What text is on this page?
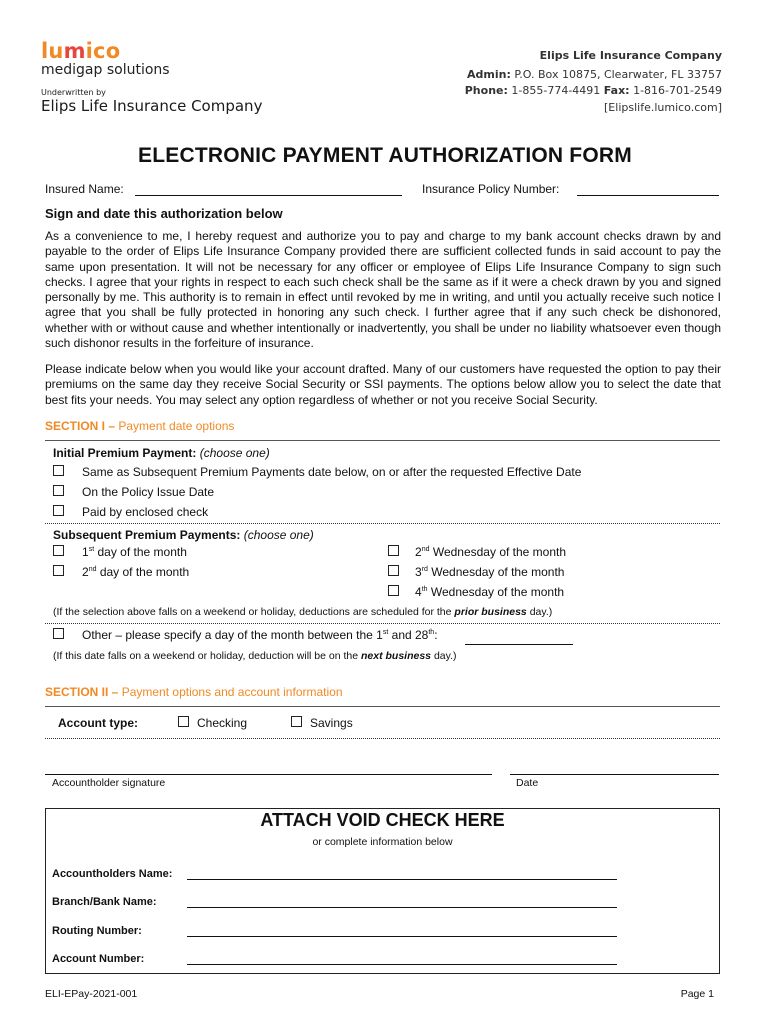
lumico
medigap solutions
Underwritten by
Elips Life Insurance Company
Elips Life Insurance Company
Admin: P.O. Box 10875, Clearwater, FL 33757
Phone: 1-855-774-4491 Fax: 1-816-701-2549
[Elipslife.lumico.com]
ELECTRONIC PAYMENT AUTHORIZATION FORM
Insured Name:	Insurance Policy Number:
Sign and date this authorization below
As a convenience to me, I hereby request and authorize you to pay and charge to my bank account checks drawn by and payable to the order of Elips Life Insurance Company provided there are sufficient collected funds in said account to pay the same upon presentation. It will not be necessary for any officer or employee of Elips Life Insurance Company to sign such checks. I agree that your rights in respect to each such check shall be the same as if it were a check drawn by you and signed personally by me. This authority is to remain in effect until revoked by me in writing, and until you actually receive such notice I agree that you shall be fully protected in honoring any such check. I further agree that if any such check be dishonored, whether with or without cause and whether intentionally or inadvertently, you shall be under no liability whatsoever even though such dishonor results in the forfeiture of insurance.
Please indicate below when you would like your account drafted. Many of our customers have requested the option to pay their premiums on the same day they receive Social Security or SSI payments. The options below allow you to select the date that best fits your needs. You may select any option regardless of whether or not you receive Social Security.
SECTION I – Payment date options
Initial Premium Payment: (choose one)
Same as Subsequent Premium Payments date below, on or after the requested Effective Date
On the Policy Issue Date
Paid by enclosed check
Subsequent Premium Payments: (choose one)
1st day of the month
2nd day of the month
2nd Wednesday of the month
3rd Wednesday of the month
4th Wednesday of the month
(If the selection above falls on a weekend or holiday, deductions are scheduled for the prior business day.)
Other – please specify a day of the month between the 1st and 28th:
(If this date falls on a weekend or holiday, deduction will be on the next business day.)
SECTION II – Payment options and account information
Account type:	Checking	Savings
Accountholder signature	Date
ATTACH VOID CHECK HERE
or complete information below
Accountholders Name:
Branch/Bank Name:
Routing Number:
Account Number:
ELI-EPay-2021-001	Page 1
